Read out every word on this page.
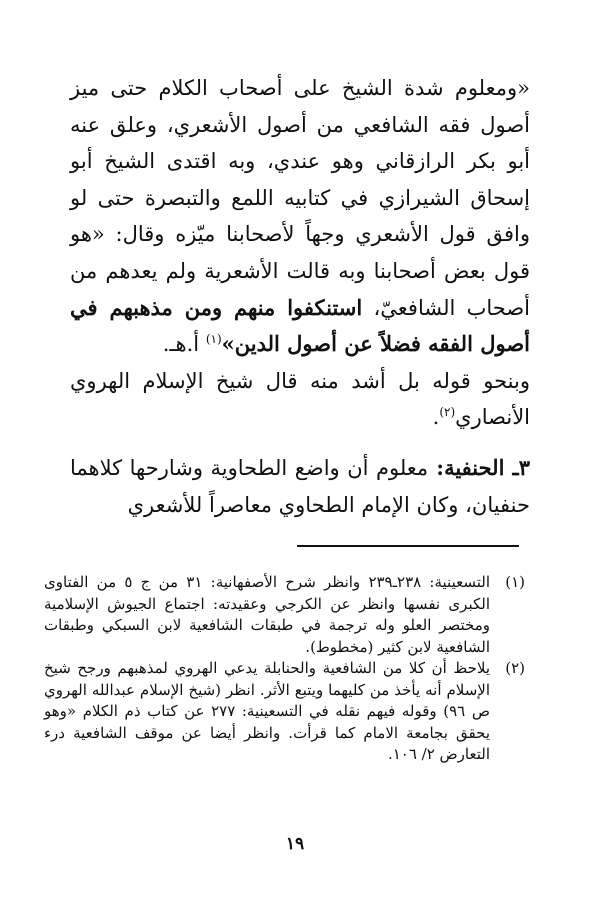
«ومعلوم شدة الشيخ على أصحاب الكلام حتى ميز أصول فقه الشافعي من أصول الأشعري، وعلق عنه أبو بكر الرازقاني وهو عندي، وبه اقتدى الشيخ أبو إسحاق الشيرازي في كتابيه اللمع والتبصرة حتى لو وافق قول الأشعري وجهاً لأصحابنا ميّزه وقال: «هو قول بعض أصحابنا وبه قالت الأشعرية ولم يعدهم من أصحاب الشافعيّ، استنكفوا منهم ومن مذهبهم في أصول الفقه فضلاً عن أصول الدين»$^{(١)}$ أ.هـ.

وبنحو قوله بل أشد منه قال شيخ الإسلام الهروي الأنصاري$^{(٢)}$.

٣ـ الحنفية: معلوم أن واضع الطحاوية وشارحها كلاهما حنفيان، وكان الإمام الطحاوي معاصراً للأشعري

(١)
التسعينية: ٢٣٨ـ٢٣٩ وانظر شرح الأصفهانية: ٣١ من ج ٥ من الفتاوى الكبرى نفسها وانظر عن الكرجي وعقيدته: اجتماع الجيوش الإسلامية ومختصر العلو وله ترجمة في طبقات الشافعية لابن السبكي وطبقات الشافعية لابن كثير (مخطوط).

(٢)
يلاحظ أن كلا من الشافعية والحنابلة يدعي الهروي لمذهبهم ورجح شيخ الإسلام أنه يأخذ من كليهما ويتبع الأثر. انظر (شيخ الإسلام عبدالله الهروي ص ٩٦) وقوله فيهم نقله في التسعينية: ٢٧٧ عن كتاب ذم الكلام «وهو يحقق بجامعة الامام كما قرأت. وانظر أيضا عن موقف الشافعية درء التعارض ٢/ ١٠٦.

١٩
